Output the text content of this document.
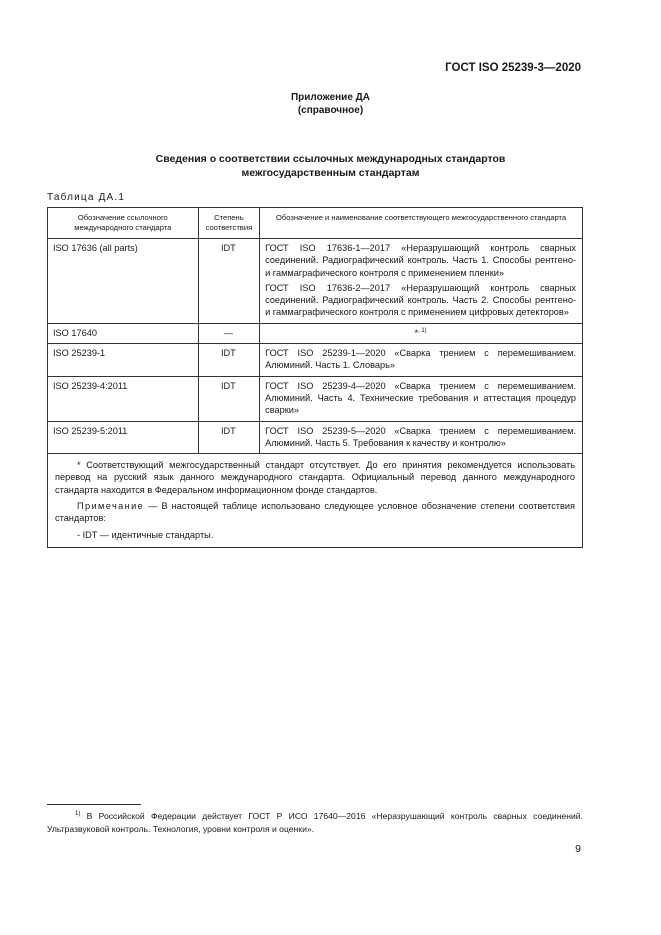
ГОСТ ISO 25239-3—2020
Приложение ДА
(справочное)
Сведения о соответствии ссылочных международных стандартов
межгосударственным стандартам
Таблица ДА.1
Обозначение ссылочного международного стандарта	Степень соответствия	Обозначение и наименование соответствующего межгосударственного стандарта
ISO 17636 (all parts)	IDT	ГОСТ ISO 17636-1—2017 «Неразрушающий контроль сварных соединений. Радиографический контроль. Часть 1. Способы рентгено- и гаммаграфического контроля с применением пленки»
ГОСТ ISO 17636-2—2017 «Неразрушающий контроль сварных соединений. Радиографический контроль. Часть 2. Способы рентгено- и гаммаграфического контроля с применением цифровых детекторов»

ISO 17640	—	*$^{, 1)}$
ISO 25239-1	IDT	ГОСТ ISO 25239-1—2020 «Сварка трением с перемешиванием. Алюминий. Часть 1. Словарь»
ISO 25239-4:2011	IDT	ГОСТ ISO 25239-4—2020 «Сварка трением с перемешиванием. Алюминий. Часть 4. Технические требования и аттестация процедур сварки»
ISO 25239-5:2011	IDT	ГОСТ ISO 25239-5—2020 «Сварка трением с перемешиванием. Алюминий. Часть 5. Требования к качеству и контролю»

* Соответствующий межгосударственный стандарт отсутствует. До его принятия рекомендуется использовать перевод на русский язык данного международного стандарта. Официальный перевод данного международного стандарта находится в Федеральном информационном фонде стандартов.

Примечание — В настоящей таблице использовано следующее условное обозначение степени соответствия стандартов:

- IDT — идентичные стандарты.		

$^{1)}$ В Российской Федерации действует ГОСТ Р ИСО 17640—2016 «Неразрушающий контроль сварных соединений. Ультразвуковой контроль. Технология, уровни контроля и оценки».
9
